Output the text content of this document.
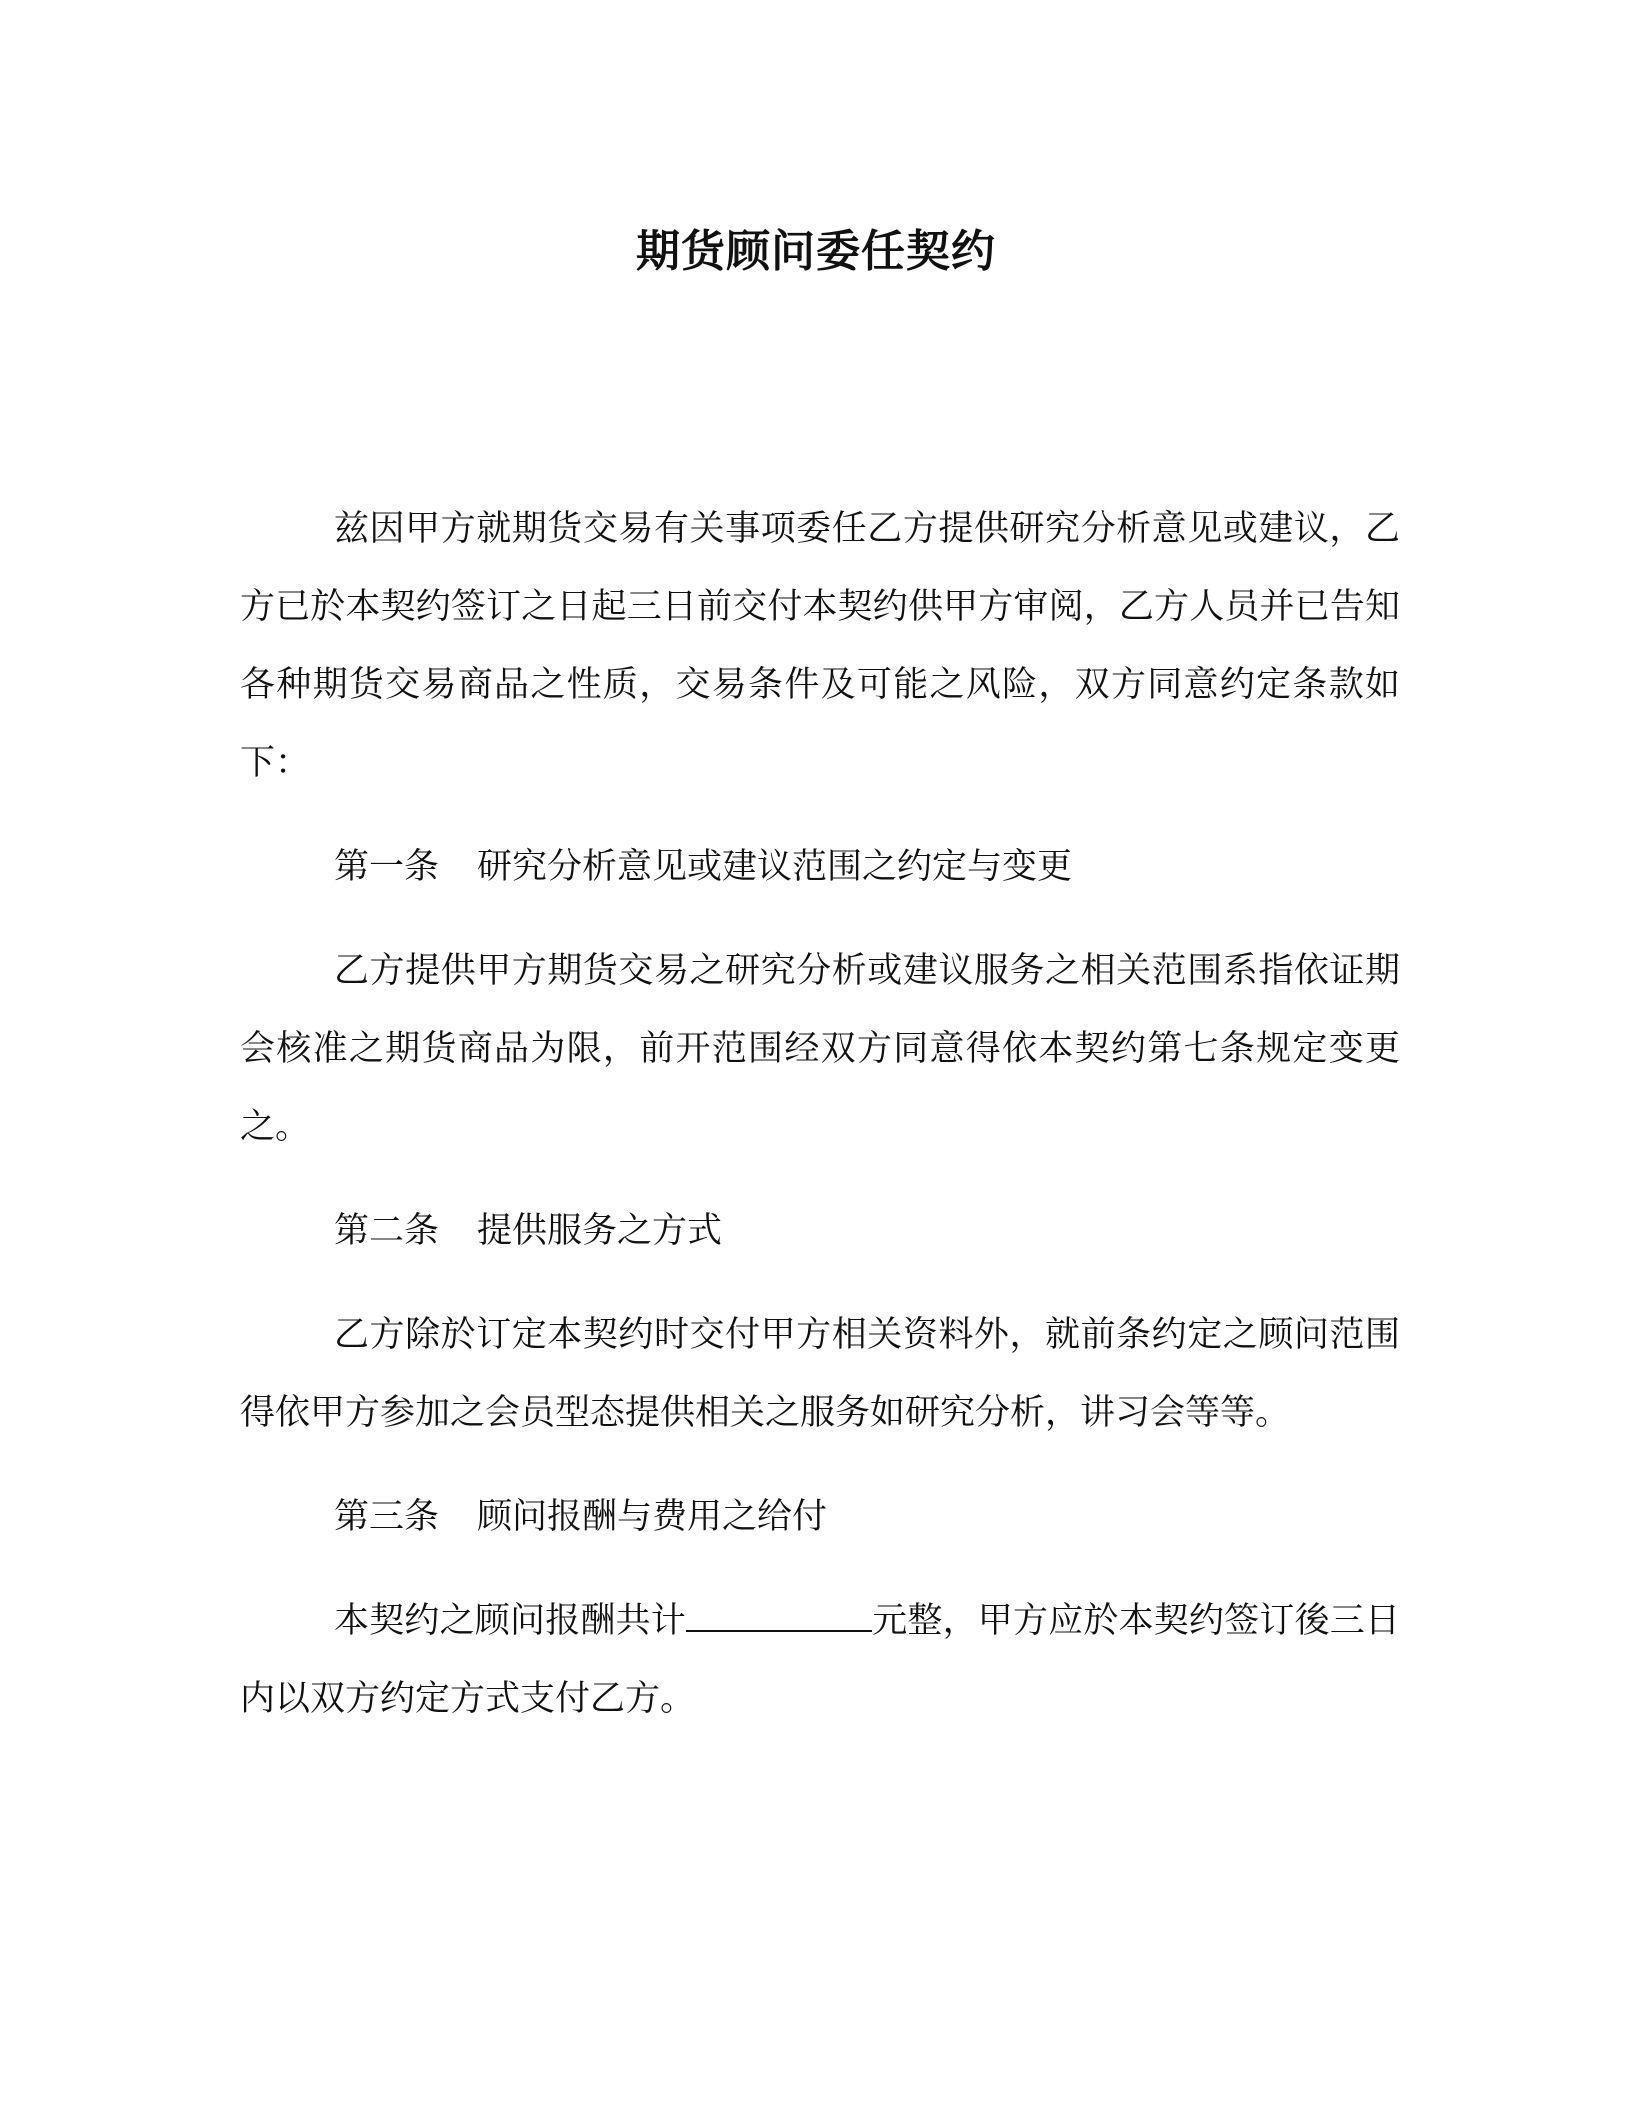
期货顾问委任契约

兹因甲方就期货交易有关事项委任乙方提供研究分析意见或建议，乙方已於本契约签订之日起三日前交付本契约供甲方审阅，乙方人员并已告知各种期货交易商品之性质，交易条件及可能之风险，双方同意约定条款如下：

第一条 研究分析意见或建议范围之约定与变更

乙方提供甲方期货交易之研究分析或建议服务之相关范围系指依证期会核准之期货商品为限，前开范围经双方同意得依本契约第七条规定变更之。

第二条 提供服务之方式

乙方除於订定本契约时交付甲方相关资料外，就前条约定之顾问范围得依甲方参加之会员型态提供相关之服务如研究分析，讲习会等等。

第三条 顾问报酬与费用之给付

本契约之顾问报酬共计	元整，甲方应於本契约签订後三日内以双方约定方式支付乙方。
